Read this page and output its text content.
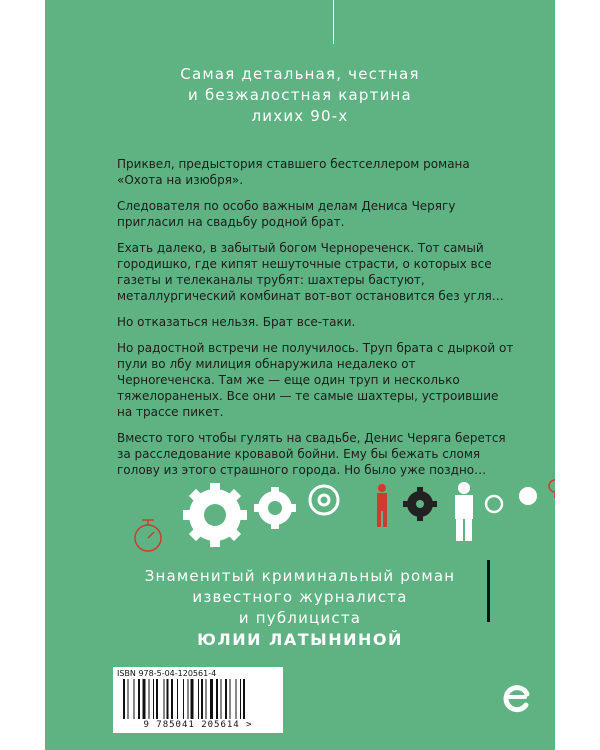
Самая детальная, честная
и безжалостная картина
лихих 90-х

Приквел, предыстория ставшего бестселлером романа «Охота на изюбря».

Следователя по особо важным делам Дениса Черягу пригласил на свадьбу родной брат.

Ехать далеко, в забытый богом Чернореченск. Тот самый городишко, где кипят нешуточные страсти, о которых все газеты и телеканалы трубят: шахтеры бастуют, металлургический комбинат вот-вот остановится без угля…

Но отказаться нельзя. Брат все-таки.

Но радостной встречи не получилось. Труп брата с дыркой от пули во лбу милиция обнаружила недалеко от Черноreченска. Там же — еще один труп и несколько тяжелораненых. Все они — те самые шахтеры, устроившие на трассе пикет.

Вместо того чтобы гулять на свадьбе, Денис Черяга берется за расследование кровавой бойни. Ему бы бежать сломя голову из этого страшного города. Но было уже поздно…

Знаменитый криминальный роман
известного журналиста
и публициста
ЮЛИИ ЛАТЫНИНОЙ
ISBN 978-5-04-120561-4
9 785041 205614 >
